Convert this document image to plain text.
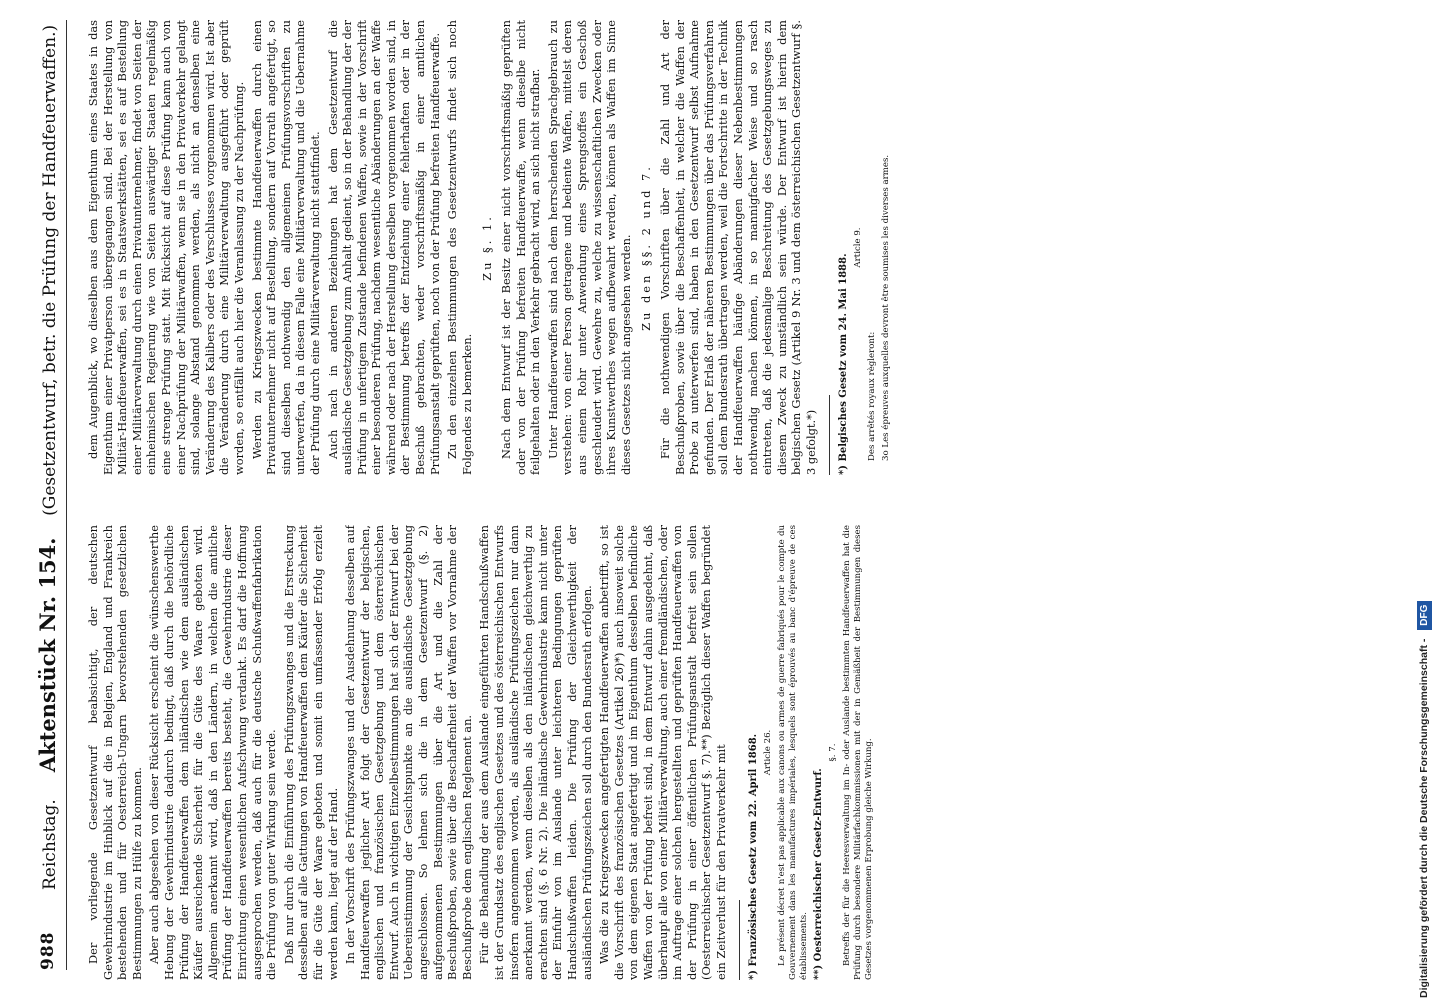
988
Reichstag.     Aktenstück Nr. 154.    (Gesetzentwurf, betr. die Prüfung der Handfeuerwaffen.)

Der vorliegende Gesetzentwurf beabsichtigt, der deutschen Gewehrindustrie im Hinblick auf die in Belgien, England und Frankreich bestehenden und für Oesterreich-Ungarn bevorstehenden gesetzlichen Bestimmungen zu Hülfe zu kommen. Aber auch abgesehen von dieser Rücksicht erscheint die wünschenswerthe Hebung der Gewehrindustrie dadurch bedingt, daß durch die behördliche Prüfung der Handfeuerwaffen dem inländischen wie dem ausländischen Käufer ausreichende Sicherheit für die Güte des Waare geboten wird. Allgemein anerkannt wird, daß in den Ländern, in welchen die amtliche Prüfung der Handfeuerwaffen bereits besteht, die Gewehrindustrie dieser Einrichtung einen wesentlichen Aufschwung verdankt. Es darf die Hoffnung ausgesprochen werden, daß auch für die deutsche Schußwaffenfabrikation die Prüfung von guter Wirkung sein werde. Daß nur durch die Einführung des Prüfungszwanges und die Erstreckung desselben auf alle Gattungen von Handfeuerwaffen dem Käufer die Sicherheit für die Güte der Waare geboten und somit ein umfassender Erfolg erzielt werden kann, liegt auf der Hand. In der Vorschrift des Prüfungszwanges und der Ausdehnung desselben auf Handfeuerwaffen jeglicher Art folgt der Gesetzentwurf der belgischen, englischen und französischen Gesetzgebung und dem österreichischen Entwurf. Auch in wichtigen Einzelbestimmungen hat sich der Entwurf bei der Uebereinstimmung der Gesichtspunkte an die ausländische Gesetzgebung angeschlossen. So lehnen sich die in dem Gesetzentwurf (§. 2) aufgenommenen Bestimmungen über die Art und die Zahl der Beschußproben, sowie über die Beschaffenheit der Waffen vor Vornahme der Beschußprobe dem englischen Reglement an. Für die Behandlung der aus dem Auslande eingeführten Handschußwaffen ist der Grundsatz des englischen Gesetzes und des österreichischen Entwurfs insofern angenommen worden, als ausländische Prüfungszeichen nur dann anerkannt werden, wenn dieselben als den inländischen gleichwerthig zu erachten sind (§. 6 Nr. 2). Die inländische Gewehrindustrie kann nicht unter der Einfuhr von im Auslande unter leichteren Bedingungen geprüften Handschußwaffen leiden. Die Prüfung der Gleichwerthigkeit der ausländischen Prüfungszeichen soll durch den Bundesrath erfolgen. Was die zu Kriegszwecken angefertigten Handfeuerwaffen anbetrifft, so ist die Vorschrift des französischen Gesetzes (Artikel 26)*) auch insoweit solche von dem eigenen Staat angefertigt und im Eigenthum desselben befindliche Waffen von der Prüfung befreit sind, in dem Entwurf dahin ausgedehnt, daß überhaupt alle von einer Militärverwaltung, auch einer fremdländischen, oder im Auftrage einer solchen hergestellten und geprüften Handfeuerwaffen von der Prüfung in einer öffentlichen Prüfungsanstalt befreit sein sollen (Oesterreichischer Gesetzentwurf §. 7).**) Bezüglich dieser Waffen begründet ein Zeitverlust für den Privatverkehr mit *) Französisches Gesetz vom 22. April 1868. Article 26. Le présent décret n'est pas applicable aux canons ou armes de guerre fabriqués pour le compte du Gouvernement dans les manufactures impériales, lesquels sont éprouvés au banc d'épreuve de ces établissements. **) Oesterreichischer Gesetz-Entwurf.

§. 7. Betreffs der für die Heeresverwaltung im In- oder Auslande bestimmten Handfeuerwaffen hat die Prüfung durch besondere Militärfachkommissionen mit der in Gemäßheit der Bestimmungen dieses Gesetzes vorgenommenen Erprobung gleiche Wirkung.

dem Augenblick, wo dieselben aus dem Eigenthum eines Staates in das Eigenthum einer Privatperson übergegangen sind. Bei der Herstellung von Militär-Handfeuerwaffen, sei es in Staatswerkstätten, sei es auf Bestellung einer Militärverwaltung durch einen Privatunternehmer, findet von Seiten der einheimischen Regierung wie von Seiten auswärtiger Staaten regelmäßig eine strenge Prüfung statt. Mit Rücksicht auf diese Prüfung kann auch von einer Nachprüfung der Militärwaffen, wenn sie in den Privatverkehr gelangt sind, solange Abstand genommen werden, als nicht an denselben eine Veränderung des Kalibers oder des Verschlusses vorgenommen wird. Ist aber die Veränderung durch eine Militärverwaltung ausgeführt oder geprüft worden, so entfällt auch hier die Veranlassung zu der Nachprüfung. Werden zu Kriegszwecken bestimmte Handfeuerwaffen durch einen Privatunternehmer nicht auf Bestellung, sondern auf Vorrath angefertigt, so sind dieselben nothwendig den allgemeinen Prüfungsvorschriften zu unterwerfen, da in diesem Falle eine Militärverwaltung und die Uebernahme der Prüfung durch eine Militärverwaltung nicht stattfindet. Auch nach in anderen Beziehungen hat dem Gesetzentwurf die ausländische Gesetzgebung zum Anhalt gedient, so in der Behandlung der der Prüfung in unfertigem Zustande befindenen Waffen, sowie in der Vorschrift einer besonderen Prüfung, nachdem wesentliche Abänderungen an der Waffe während oder nach der Herstellung derselben vorgenommen worden sind, in der Bestimmung betreffs der Entziehung einer fehlerhaften oder in der Beschuß gebrachten, weder vorschriftsmäßig in einer amtlichen Prüfungsanstalt geprüften, noch von der Prüfung befreiten Handfeuerwaffe. Zu den einzelnen Bestimmungen des Gesetzentwurfs findet sich noch Folgendes zu bemerken.

Zu §. 1. Nach dem Entwurf ist der Besitz einer nicht vorschriftsmäßig geprüften oder von der Prüfung befreiten Handfeuerwaffe, wenn dieselbe nicht feilgehalten oder in den Verkehr gebracht wird, an sich nicht strafbar. Unter Handfeuerwaffen sind nach dem herrschenden Sprachgebrauch zu verstehen: von einer Person getragene und bediente Waffen, mittelst deren aus einem Rohr unter Anwendung eines Sprengstoffes ein Geschoß geschleudert wird. Gewehre zu, welche zu wissenschaftlichen Zwecken oder ihres Kunstwerthes wegen aufbewahrt werden, können als Waffen im Sinne dieses Gesetzes nicht angesehen werden. Zu den §§. 2 und 7. Für die nothwendigen Vorschriften über die Zahl und Art der Beschußproben, sowie über die Beschaffenheit, in welcher die Waffen der Probe zu unterwerfen sind, haben in den Gesetzentwurf selbst Aufnahme gefunden. Der Erlaß der näheren Bestimmungen über das Prüfungsverfahren soll dem Bundesrath übertragen werden, weil die Fortschritte in der Technik der Handfeuerwaffen häufige Abänderungen dieser Nebenbestimmungen nothwendig machen können, in so mannigfacher Weise und so rasch eintreten, daß die jedesmalige Beschreitung des Gesetzgebungsweges zu diesem Zweck zu umständlich sein würde. Der Entwurf ist hierin dem belgischen Gesetz (Artikel 9 Nr. 3 und dem österreichischen Gesetzentwurf §. 3 gefolgt.*) *) Belgisches Gesetz vom 24. Mai 1888.

Article 9.

Des arrêtés royaux règleront: 3o Les épreuves auxquelles devront être soumises les diverses armes.

Digitalisierung gefördert durch die Deutsche Forschungsgemeinschaft - DFG
